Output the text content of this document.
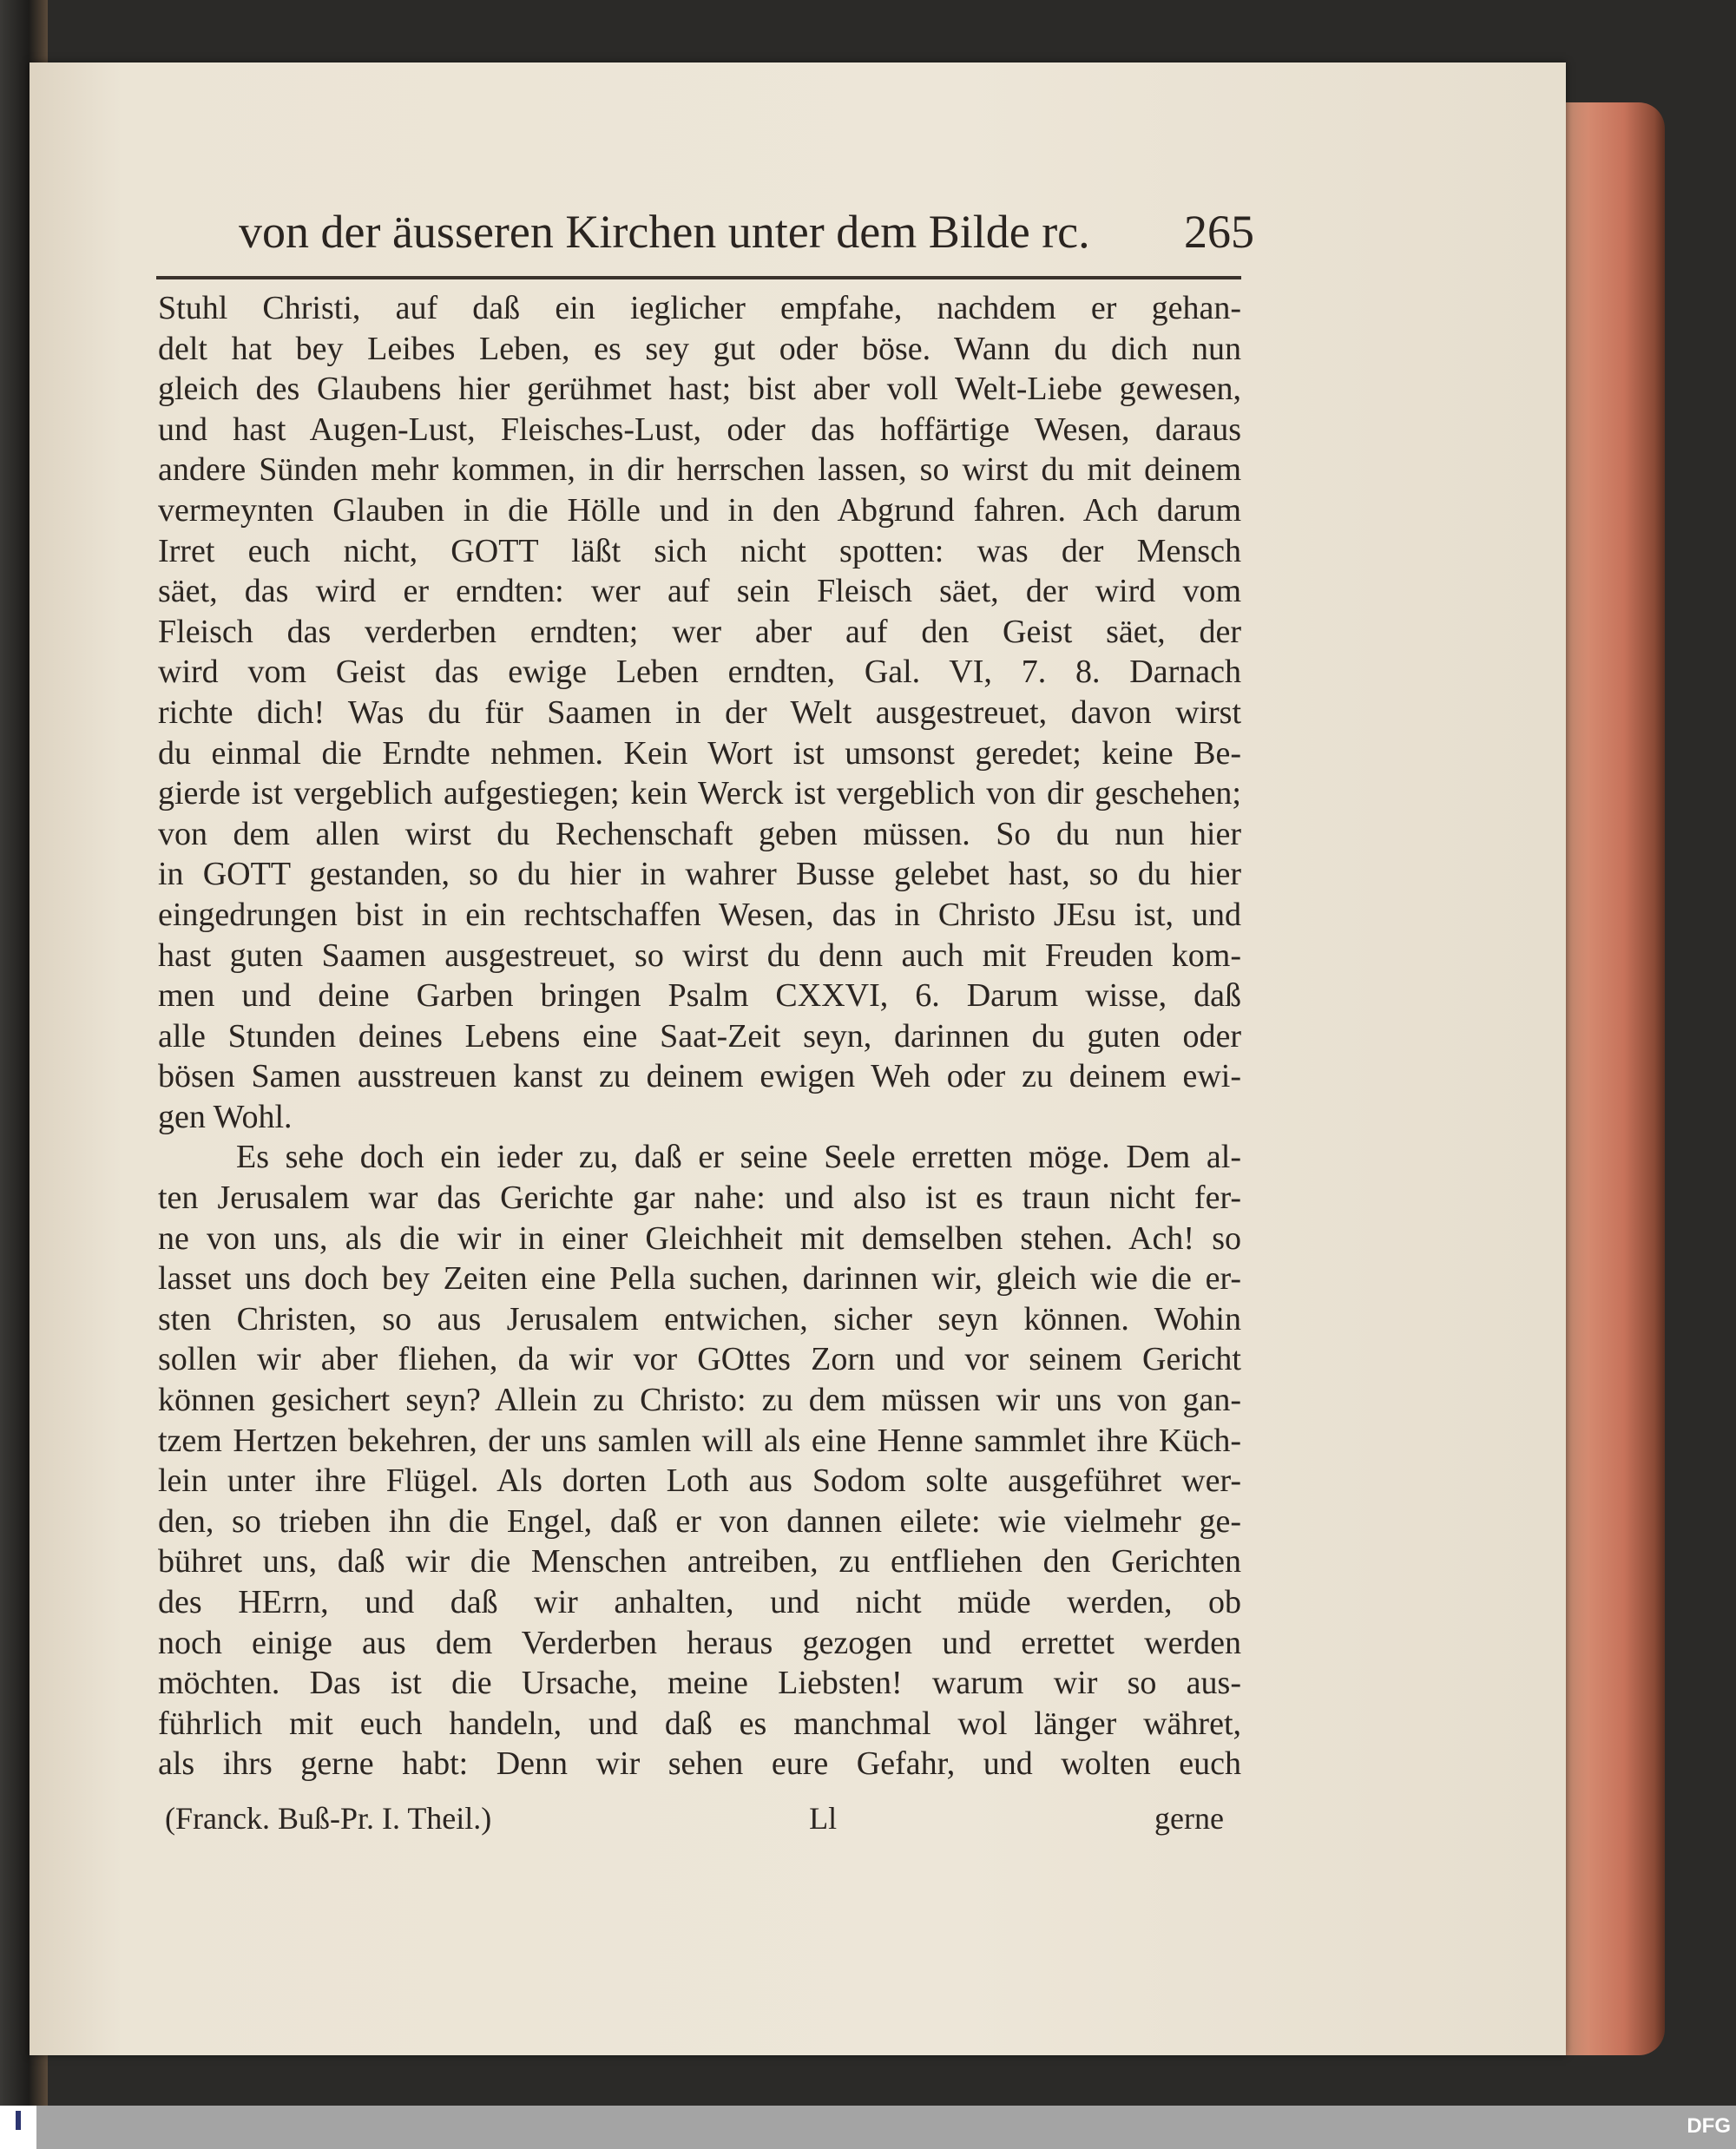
von der äusseren Kirchen unter dem Bilde rc. 265
Stuhl Christi, auf daß ein ieglicher empfahe, nachdem er gehan-
delt hat bey Leibes Leben, es sey gut oder böse. Wann du dich nun
gleich des Glaubens hier gerühmet hast; bist aber voll Welt-Liebe gewesen,
und hast Augen-Lust, Fleisches-Lust, oder das hoffärtige Wesen, daraus
andere Sünden mehr kommen, in dir herrschen lassen, so wirst du mit deinem
vermeynten Glauben in die Hölle und in den Abgrund fahren. Ach darum
Irret euch nicht, GOTT läßt sich nicht spotten: was der Mensch
säet, das wird er erndten: wer auf sein Fleisch säet, der wird vom
Fleisch das verderben erndten; wer aber auf den Geist säet, der
wird vom Geist das ewige Leben erndten, Gal. VI, 7. 8. Darnach
richte dich! Was du für Saamen in der Welt ausgestreuet, davon wirst
du einmal die Erndte nehmen. Kein Wort ist umsonst geredet; keine Be-
gierde ist vergeblich aufgestiegen; kein Werck ist vergeblich von dir geschehen;
von dem allen wirst du Rechenschaft geben müssen. So du nun hier
in GOTT gestanden, so du hier in wahrer Busse gelebet hast, so du hier
eingedrungen bist in ein rechtschaffen Wesen, das in Christo JEsu ist, und
hast guten Saamen ausgestreuet, so wirst du denn auch mit Freuden kom-
men und deine Garben bringen Psalm CXXVI, 6. Darum wisse, daß
alle Stunden deines Lebens eine Saat-Zeit seyn, darinnen du guten oder
bösen Samen ausstreuen kanst zu deinem ewigen Weh oder zu deinem ewi-
gen Wohl.
Es sehe doch ein ieder zu, daß er seine Seele erretten möge. Dem al-
ten Jerusalem war das Gerichte gar nahe: und also ist es traun nicht fer-
ne von uns, als die wir in einer Gleichheit mit demselben stehen. Ach! so
lasset uns doch bey Zeiten eine Pella suchen, darinnen wir, gleich wie die er-
sten Christen, so aus Jerusalem entwichen, sicher seyn können. Wohin
sollen wir aber fliehen, da wir vor GOttes Zorn und vor seinem Gericht
können gesichert seyn? Allein zu Christo: zu dem müssen wir uns von gan-
tzem Hertzen bekehren, der uns samlen will als eine Henne sammlet ihre Küch-
lein unter ihre Flügel. Als dorten Loth aus Sodom solte ausgeführet wer-
den, so trieben ihn die Engel, daß er von dannen eilete: wie vielmehr ge-
bühret uns, daß wir die Menschen antreiben, zu entfliehen den Gerichten
des HErrn, und daß wir anhalten, und nicht müde werden, ob
noch einige aus dem Verderben heraus gezogen und errettet werden
möchten. Das ist die Ursache, meine Liebsten! warum wir so aus-
führlich mit euch handeln, und daß es manchmal wol länger währet,
als ihrs gerne habt: Denn wir sehen eure Gefahr, und wolten euch
(Franck. Buß-Pr. I. Theil.)	Ll	gerne
DFG
